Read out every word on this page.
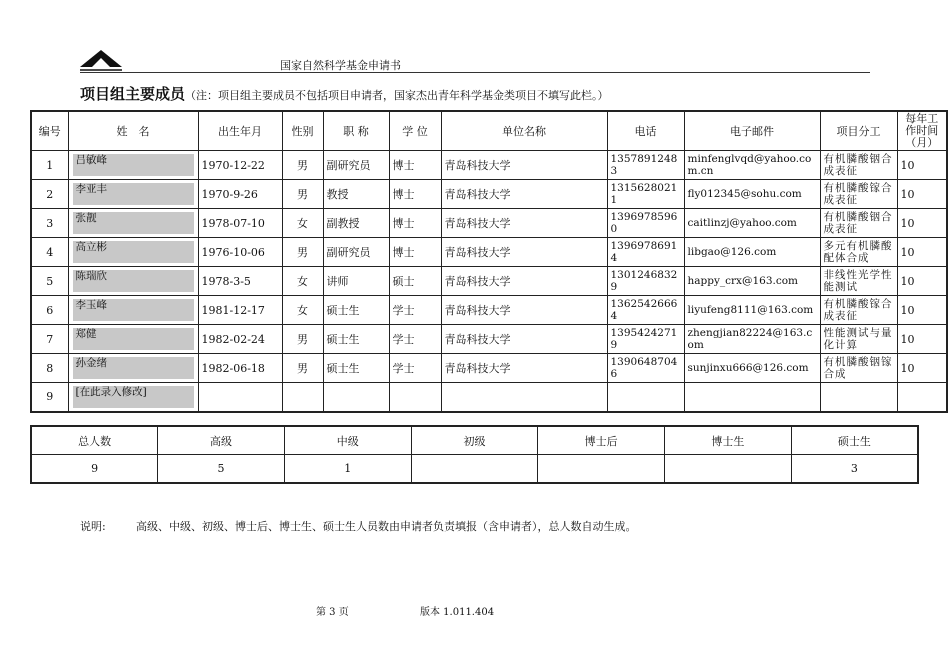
国家自然科学基金申请书
项目组主要成员（注：项目组主要成员不包括项目申请者，国家杰出青年科学基金类项目不填写此栏。）
编号	姓　名	出生年月	性别	职 称	学 位	单位名称	电话	电子邮件	项目分工	每年工作时间（月）
1	吕敏峰	1970-12-22	男	副研究员	博士	青岛科技大学	13578912483	minfenglvqd@yahoo.com.cn	有机膦酸铟合成表征	10
2	李亚丰	1970-9-26	男	教授	博士	青岛科技大学	13156280211	fly012345@sohu.com	有机膦酸镓合成表征	10
3	张靓	1978-07-10	女	副教授	博士	青岛科技大学	13969785960	caitlinzj@yahoo.com	有机膦酸铟合成表征	10
4	高立彬	1976-10-06	男	副研究员	博士	青岛科技大学	13969786914	libgao@126.com	多元有机膦酸配体合成	10
5	陈瑞欣	1978-3-5	女	讲师	硕士	青岛科技大学	13012468329	happy_crx@163.com	非线性光学性能测试	10
6	李玉峰	1981-12-17	女	硕士生	学士	青岛科技大学	13625426664	liyufeng8111@163.com	有机膦酸镓合成表征	10
7	郑健	1982-02-24	男	硕士生	学士	青岛科技大学	13954242719	zhengjian82224@163.com	性能测试与量化计算	10
8	孙金绪	1982-06-18	男	硕士生	学士	青岛科技大学	13906487046	sunjinxu666@126.com	有机膦酸铟镓合成	10
9	[在此录入修改]									

总人数	高级	中级	初级	博士后	博士生	硕士生
9	5	1				3
说明:	高级、中级、初级、博士后、博士生、硕士生人员数由申请者负责填报（含申请者），总人数自动生成。
第 3 页	版本 1.011.404
